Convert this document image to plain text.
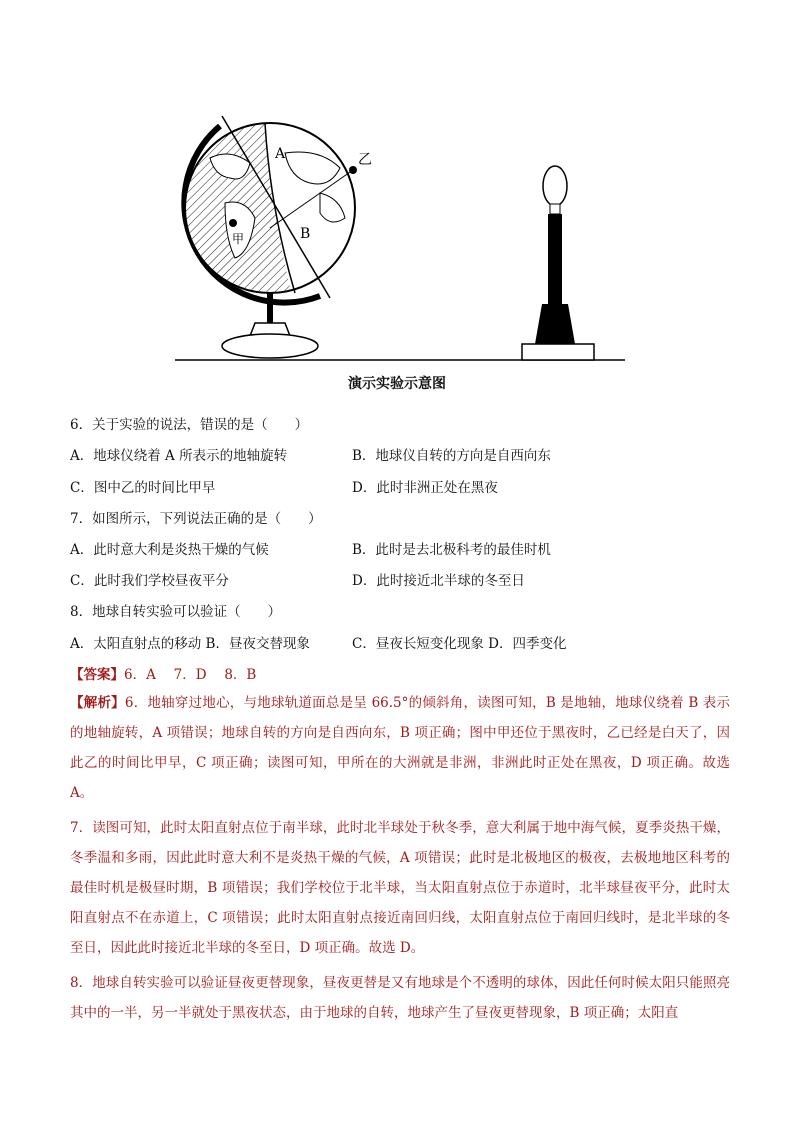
A
B
甲
乙
演示实验示意图
6．关于实验的说法，错误的是（　　）
A．地球仪绕着 A 所表示的地轴旋转	B．地球仪自转的方向是自西向东
C．图中乙的时间比甲早	D．此时非洲正处在黑夜
7．如图所示，下列说法正确的是（　　）
A．此时意大利是炎热干燥的气候	B．此时是去北极科考的最佳时机
C．此时我们学校昼夜平分	D．此时接近北半球的冬至日
8．地球自转实验可以验证（　　）
A．太阳直射点的移动 B．昼夜交替现象	C．昼夜长短变化现象 D．四季变化
【答案】6．A　 7．D　 8．B
【解析】6．地轴穿过地心，与地球轨道面总是呈 66.5°的倾斜角，读图可知，B 是地轴，地球仪绕着 B 表示的地轴旋转，A 项错误；地球自转的方向是自西向东，B 项正确；图中甲还位于黑夜时，乙已经是白天了，因此乙的时间比甲早，C 项正确；读图可知，甲所在的大洲就是非洲，非洲此时正处在黑夜，D 项正确。故选 A。
7．读图可知，此时太阳直射点位于南半球，此时北半球处于秋冬季，意大利属于地中海气候，夏季炎热干燥，冬季温和多雨，因此此时意大利不是炎热干燥的气候，A 项错误；此时是北极地区的极夜，去极地地区科考的最佳时机是极昼时期，B 项错误；我们学校位于北半球，当太阳直射点位于赤道时，北半球昼夜平分，此时太阳直射点不在赤道上，C 项错误；此时太阳直射点接近南回归线，太阳直射点位于南回归线时，是北半球的冬至日，因此此时接近北半球的冬至日，D 项正确。故选 D。
8．地球自转实验可以验证昼夜更替现象，昼夜更替是又有地球是个不透明的球体，因此任何时候太阳只能照亮其中的一半，另一半就处于黑夜状态，由于地球的自转，地球产生了昼夜更替现象，B 项正确；太阳直
